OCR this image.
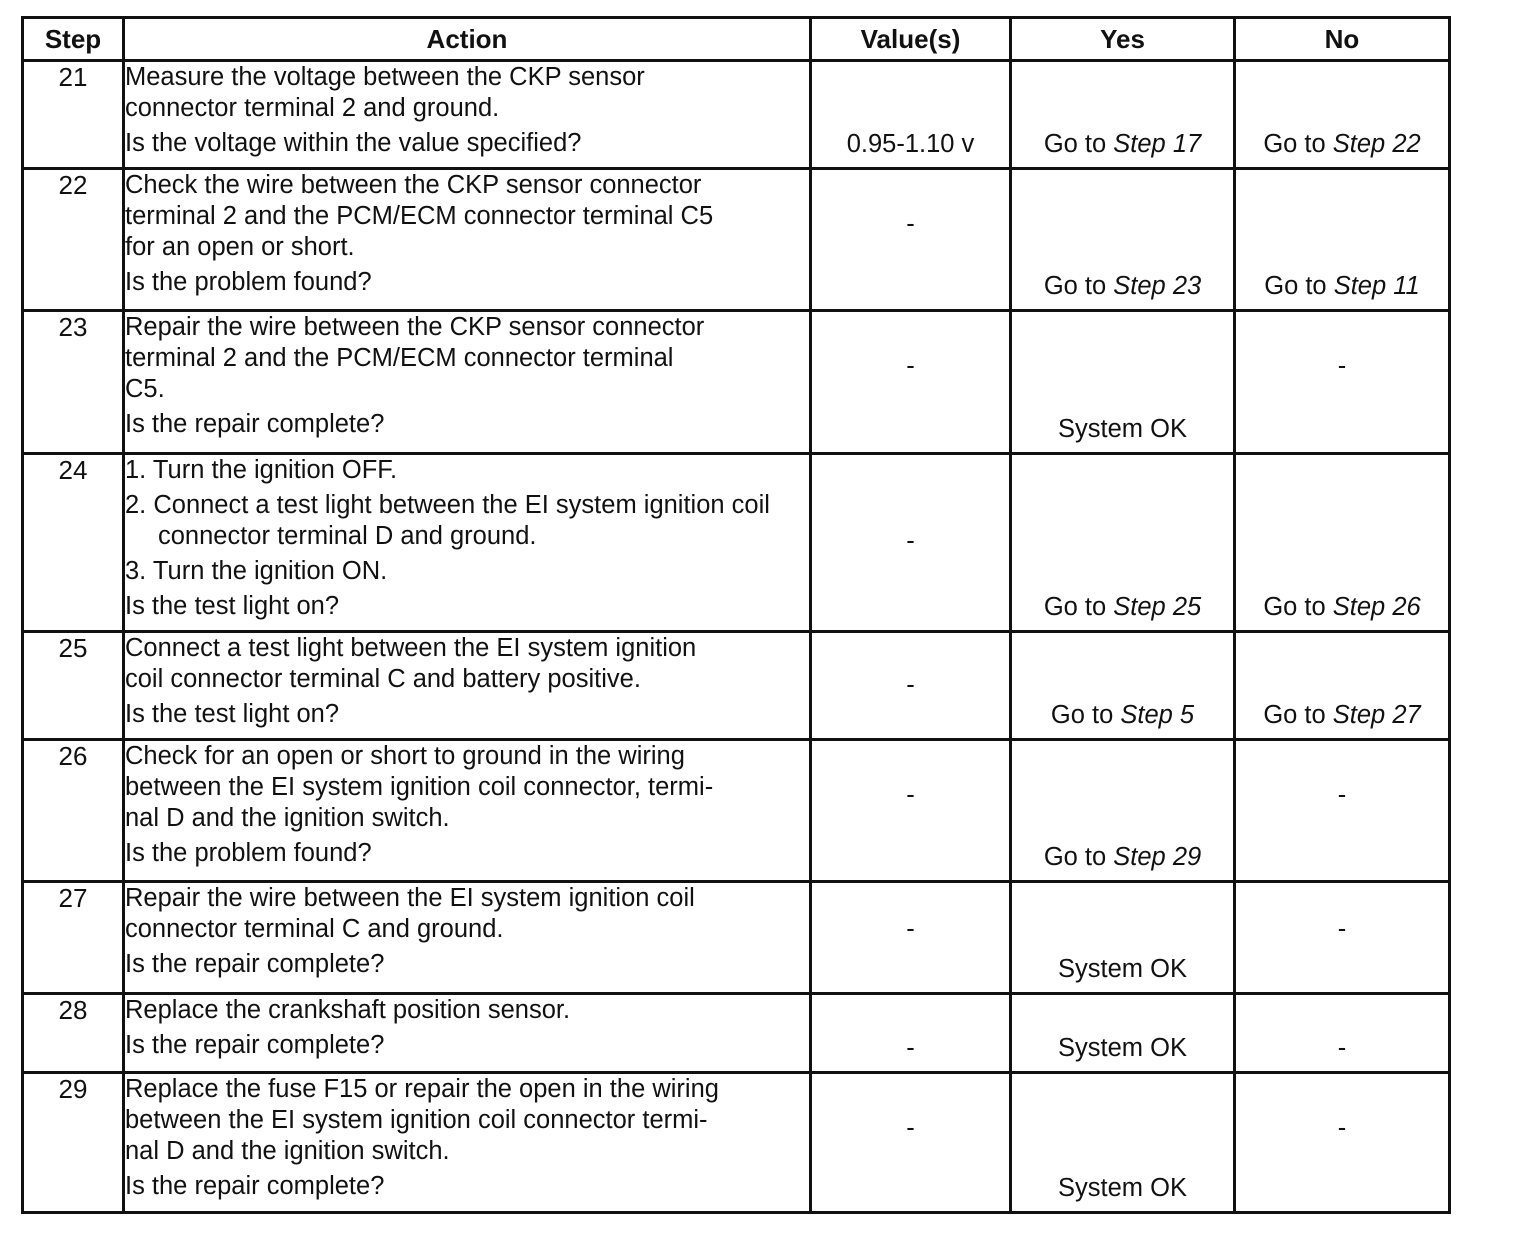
Step	Action	Value(s)	Yes	No
21	Measure the voltage between the CKP sensor
connector terminal 2 and ground.
Is the voltage within the value specified?	0.95-1.10 v	Go to Step 17	Go to Step 22

22	Check the wire between the CKP sensor connector
terminal 2 and the PCM/ECM connector terminal C5
for an open or short.
Is the problem found?	-	Go to Step 23	Go to Step 11

23	Repair the wire between the CKP sensor connector
terminal 2 and the PCM/ECM connector terminal
C5.
Is the repair complete?	-	System OK	-

24	1. Turn the ignition OFF.
2. Connect a test light between the EI system ignition coil connector terminal D and ground.
3. Turn the ignition ON.
Is the test light on?	-	Go to Step 25	Go to Step 26

25	Connect a test light between the EI system ignition
coil connector terminal C and battery positive.
Is the test light on?	-	Go to Step 5	Go to Step 27

26	Check for an open or short to ground in the wiring
between the EI system ignition coil connector, termi-
nal D and the ignition switch.
Is the problem found?	-	Go to Step 29	-

27	Repair the wire between the EI system ignition coil
connector terminal C and ground.
Is the repair complete?	-	System OK	-

28	Replace the crankshaft position sensor.
Is the repair complete?	-	System OK	-

29	Replace the fuse F15 or repair the open in the wiring
between the EI system ignition coil connector termi-
nal D and the ignition switch.
Is the repair complete?	-	System OK	-
